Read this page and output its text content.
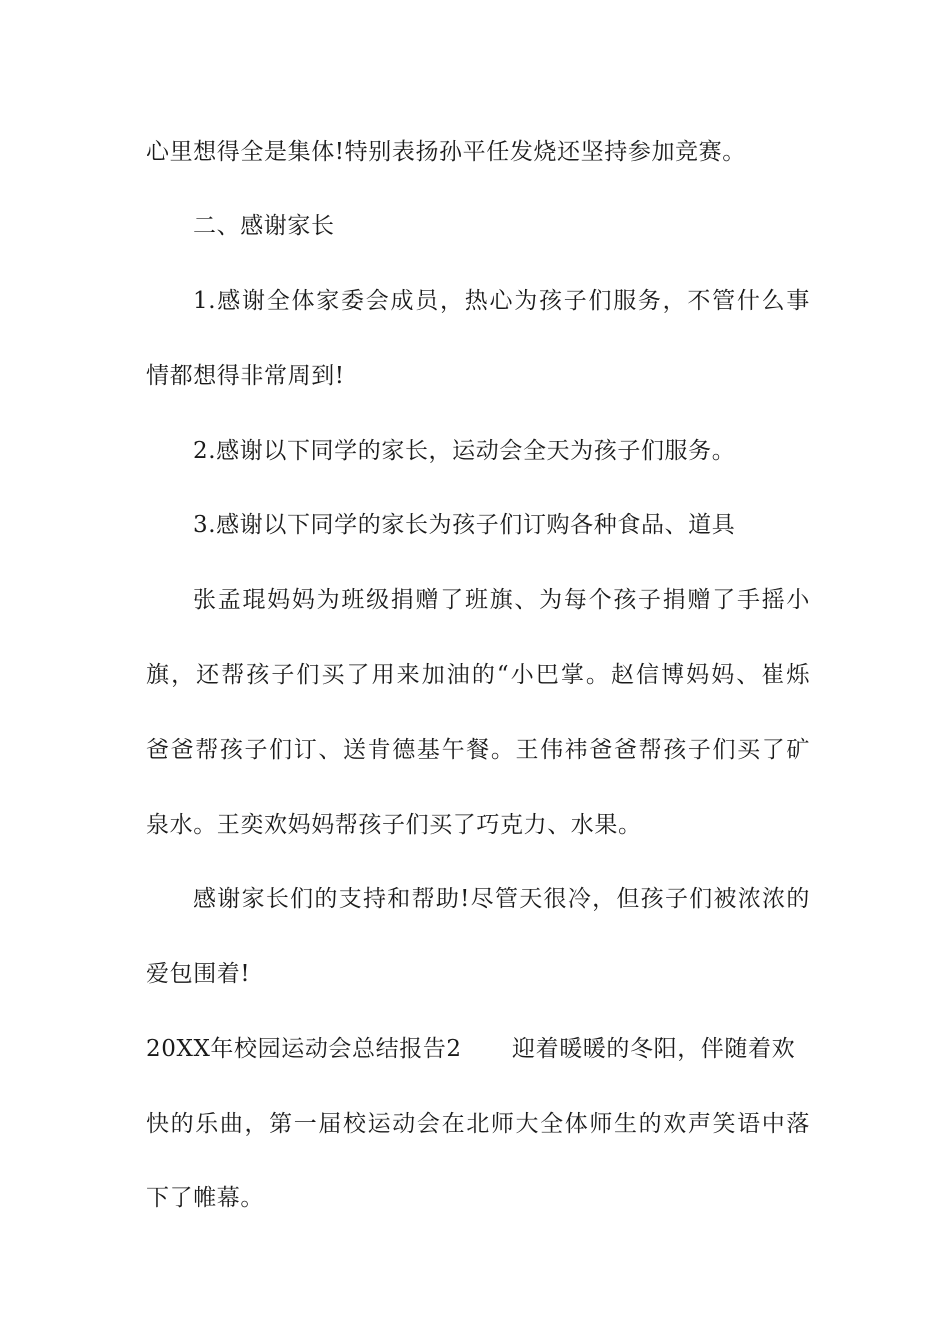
心里想得全是集体!特别表扬孙平任发烧还坚持参加竞赛。
二、感谢家长
1.感谢全体家委会成员，热心为孩子们服务，不管什么事
情都想得非常周到!
2.感谢以下同学的家长，运动会全天为孩子们服务。
3.感谢以下同学的家长为孩子们订购各种食品、道具
张孟琨妈妈为班级捐赠了班旗、为每个孩子捐赠了手摇小
旗，还帮孩子们买了用来加油的“小巴掌。赵信博妈妈、崔烁
爸爸帮孩子们订、送肯德基午餐。王伟祎爸爸帮孩子们买了矿
泉水。王奕欢妈妈帮孩子们买了巧克力、水果。
感谢家长们的支持和帮助!尽管天很冷，但孩子们被浓浓的
爱包围着!
20XX年校园运动会总结报告2 迎着暖暖的冬阳，伴随着欢
快的乐曲，第一届校运动会在北师大全体师生的欢声笑语中落
下了帷幕。
